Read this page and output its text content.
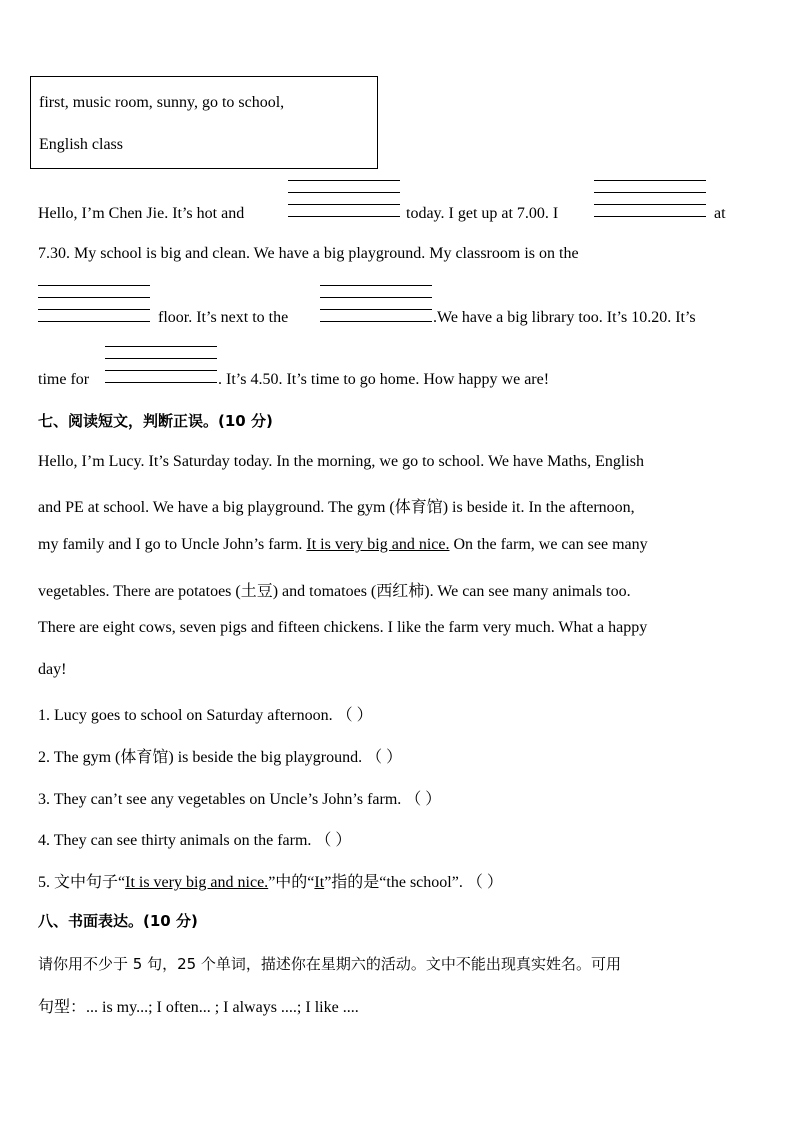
first, music room, sunny, go to school,
English class
Hello, I’m Chen Jie. It’s hot and	today. I get up at 7.00. I	at
7.30. My school is big and clean. We have a big playground. My classroom is on the
floor. It’s next to the	.We have a big library too. It’s 10.20. It’s
time for	. It’s 4.50. It’s time to go home. How happy we are!
七、阅读短文，判断正误。(10 分)
Hello, I’m Lucy. It’s Saturday today. In the morning, we go to school. We have Maths, English
and PE at school. We have a big playground. The gym (体育馆) is beside it. In the afternoon,
my family and I go to Uncle John’s farm. It is very big and nice. On the farm, we can see many
vegetables. There are potatoes (土豆) and tomatoes (西红柿). We can see many animals too.
There are eight cows, seven pigs and fifteen chickens. I like the farm very much. What a happy
day!
1. Lucy goes to school on Saturday afternoon. （ ）
2. The gym (体育馆) is beside the big playground. （ ）
3. They can’t see any vegetables on Uncle’s John’s farm. （ ）
4. They can see thirty animals on the farm. （ ）
5. 文中句子“It is very big and nice.”中的“It”指的是“the school”. （ ）
八、书面表达。(10 分)
请你用不少于 5 句，25 个单词，描述你在星期六的活动。文中不能出现真实姓名。可用
句型：... is my...; I often... ; I always ....; I like ....
